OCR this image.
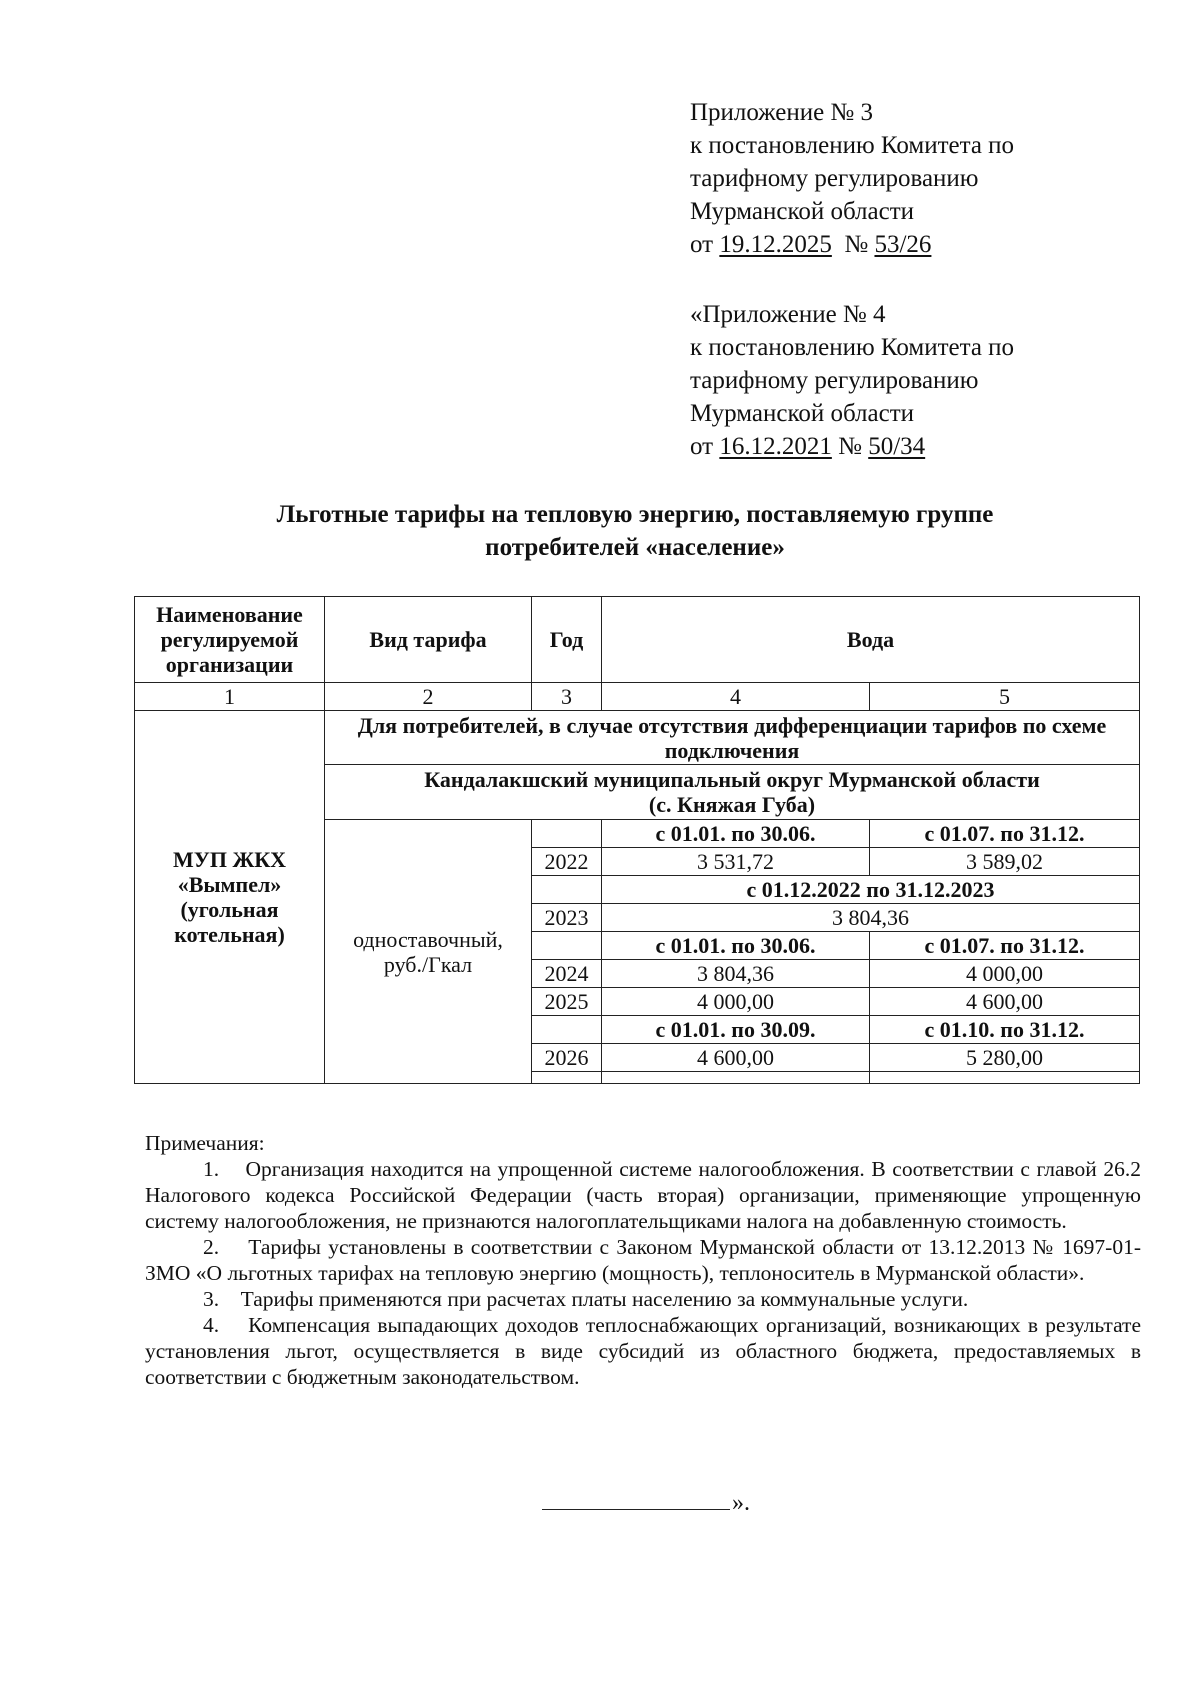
Приложение № 3
к постановлению Комитета по
тарифному регулированию
Мурманской области
от 19.12.2025 № 53/26
«Приложение № 4
к постановлению Комитета по
тарифному регулированию
Мурманской области
от 16.12.2021 № 50/34
Льготные тарифы на тепловую энергию, поставляемую группе
потребителей «население»
Наименование регулируемой организации	Вид тарифа	Год	Вода	
1	2	3	4	5

МУП ЖКХ
«Вымпел»
(угольная
котельная)	Для потребителей, в случае отсутствия дифференциации тарифов по схеме подключения			

	Кандалакшский муниципальный округ Мурманской области
(с. Княжая Губа)			

	одноставочный,
руб./Гкал		с 01.01. по 30.06.	с 01.07. по 31.12.
		2022	3 531,72	3 589,02
			с 01.12.2022 по 31.12.2023	
		2023	3 804,36	
			с 01.01. по 30.06.	с 01.07. по 31.12.
		2024	3 804,36	4 000,00
		2025	4 000,00	4 600,00
			с 01.01. по 30.09.	с 01.10. по 31.12.
		2026	4 600,00	5 280,00

Примечания:

1.    Организация находится на упрощенной системе налогообложения. В соответствии с главой 26.2 Налогового кодекса Российской Федерации (часть вторая) организации, применяющие упрощенную систему налогообложения, не признаются налогоплательщиками налога на добавленную стоимость.

2.    Тарифы установлены в соответствии с Законом Мурманской области от 13.12.2013 № 1697-01-ЗМО «О льготных тарифах на тепловую энергию (мощность), теплоноситель в Мурманской области».

3.    Тарифы применяются при расчетах платы населению за коммунальные услуги.

4.    Компенсация выпадающих доходов теплоснабжающих организаций, возникающих в результате установления льгот, осуществляется в виде субсидий из областного бюджета, предоставляемых в соответствии с бюджетным законодательством.

».
